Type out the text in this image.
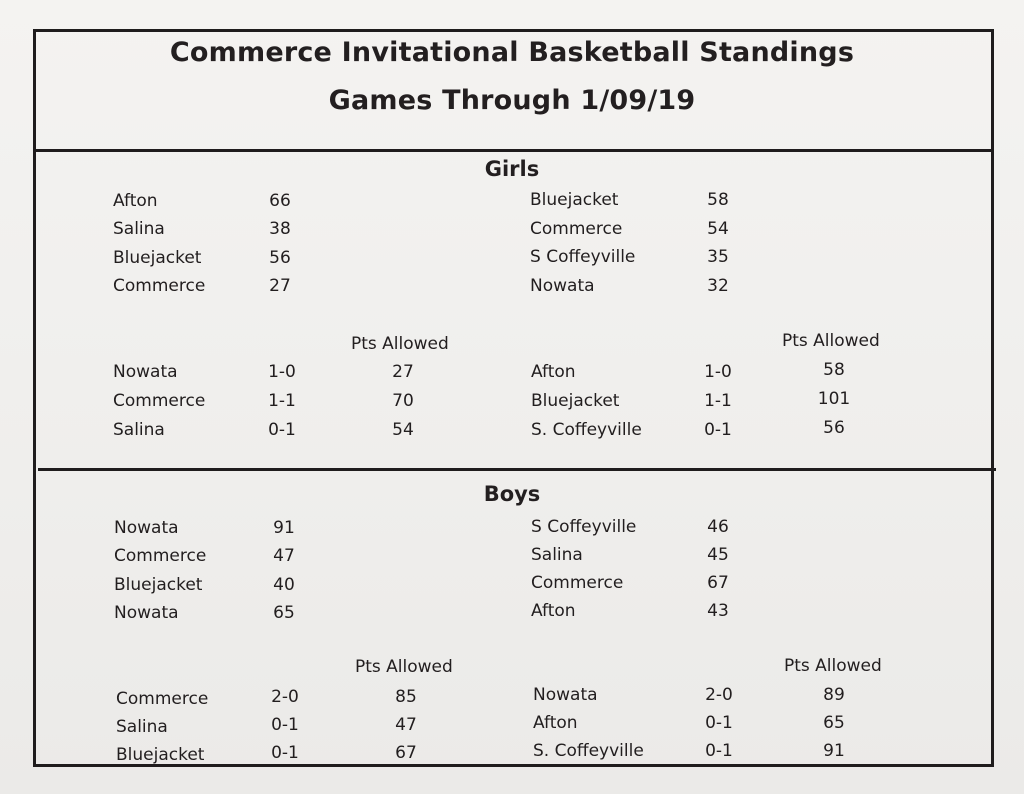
Commerce Invitational Basketball Standings
Games Through 1/09/19
Girls
Afton	66
Salina	38
Bluejacket	56
Commerce	27
Bluejacket	58
Commerce	54
S Coffeyville	35
Nowata	32
Pts Allowed
Nowata	1-0	27
Commerce	1-1	70
Salina	0-1	54
Pts Allowed
Afton	1-0	58
Bluejacket	1-1	101
S. Coffeyville	0-1	56
Boys
Nowata	91
Commerce	47
Bluejacket	40
Nowata	65
S Coffeyville	46
Salina	45
Commerce	67
Afton	43
Pts Allowed
Commerce	2-0	85
Salina	0-1	47
Bluejacket	0-1	67
Pts Allowed
Nowata	2-0	89
Afton	0-1	65
S. Coffeyville	0-1	91
